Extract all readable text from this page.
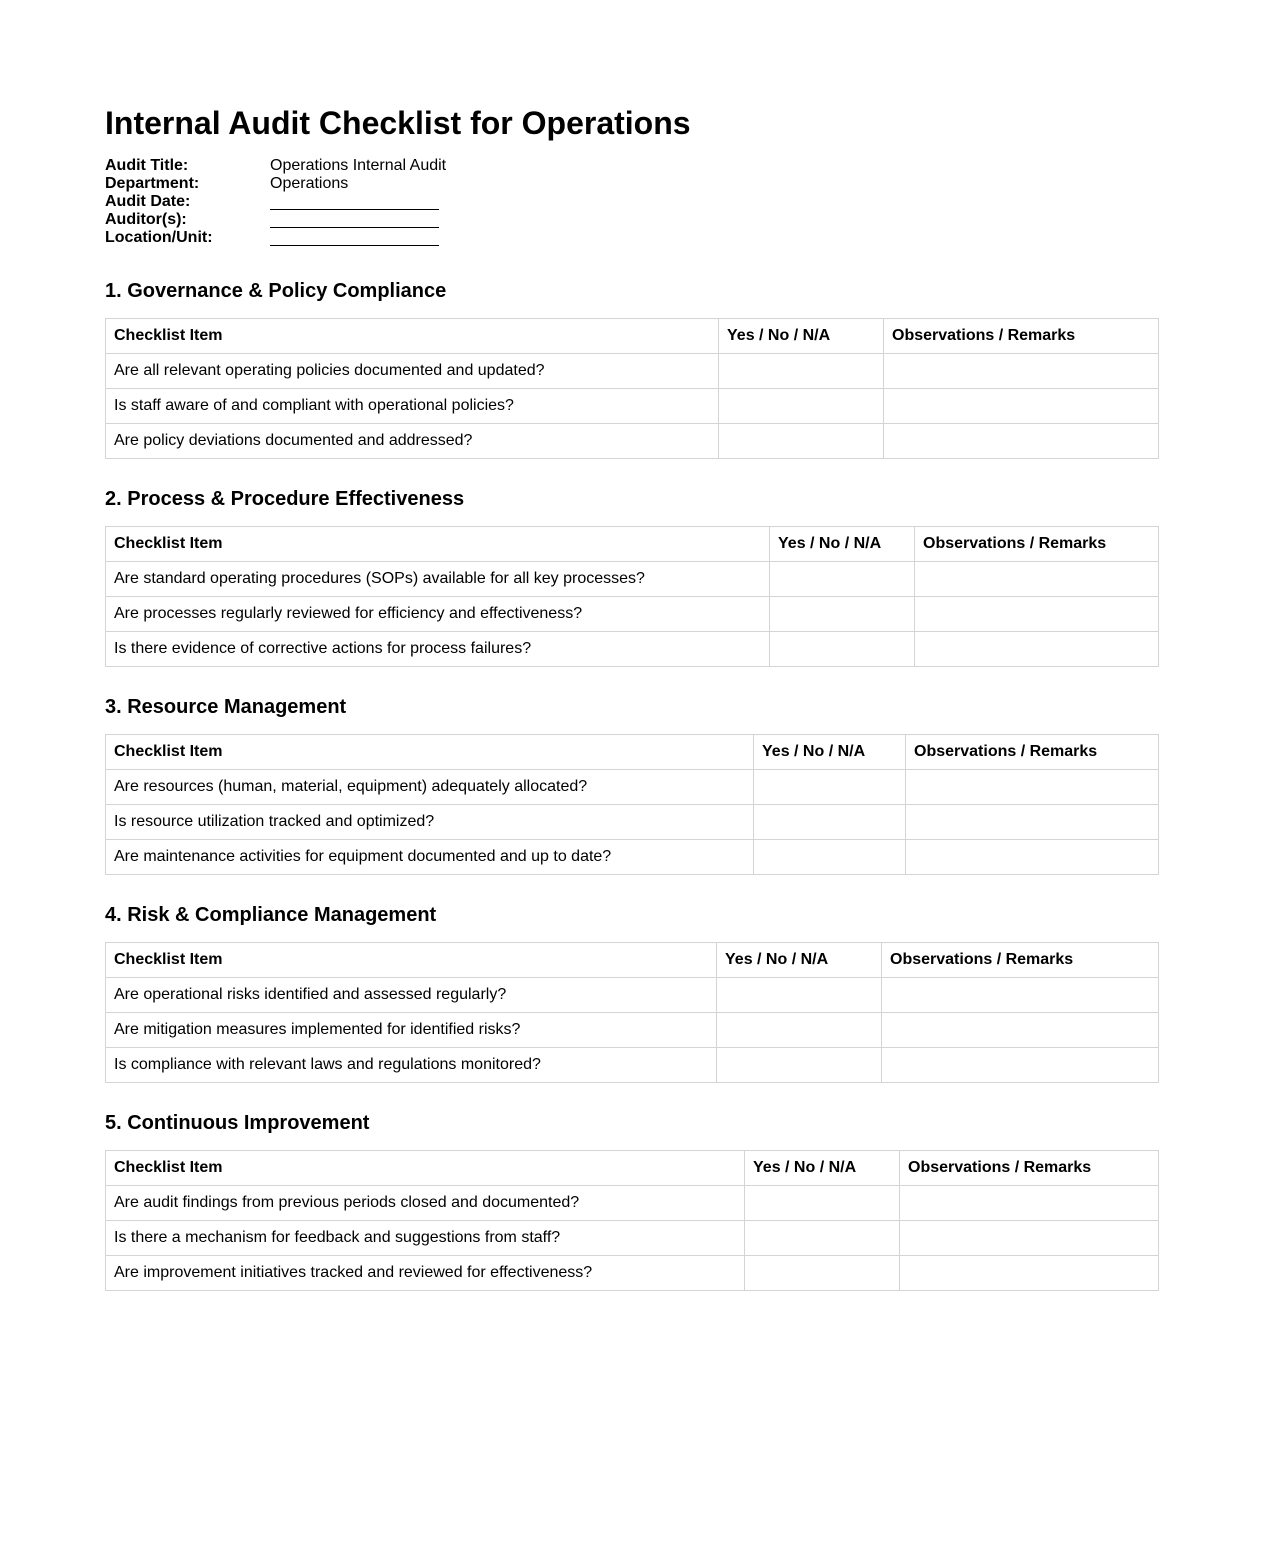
Internal Audit Checklist for Operations
Audit Title:	Operations Internal Audit
Department:	Operations
Audit Date:
Auditor(s):
Location/Unit:
1. Governance & Policy Compliance
Checklist Item	Yes / No / N/A	Observations / Remarks
Are all relevant operating policies documented and updated?		
Is staff aware of and compliant with operational policies?		
Are policy deviations documented and addressed?		
2. Process & Procedure Effectiveness
Checklist Item	Yes / No / N/A	Observations / Remarks
Are standard operating procedures (SOPs) available for all key processes?		
Are processes regularly reviewed for efficiency and effectiveness?		
Is there evidence of corrective actions for process failures?		
3. Resource Management
Checklist Item	Yes / No / N/A	Observations / Remarks
Are resources (human, material, equipment) adequately allocated?		
Is resource utilization tracked and optimized?		
Are maintenance activities for equipment documented and up to date?		
4. Risk & Compliance Management
Checklist Item	Yes / No / N/A	Observations / Remarks
Are operational risks identified and assessed regularly?		
Are mitigation measures implemented for identified risks?		
Is compliance with relevant laws and regulations monitored?		
5. Continuous Improvement
Checklist Item	Yes / No / N/A	Observations / Remarks
Are audit findings from previous periods closed and documented?		
Is there a mechanism for feedback and suggestions from staff?		
Are improvement initiatives tracked and reviewed for effectiveness?		
